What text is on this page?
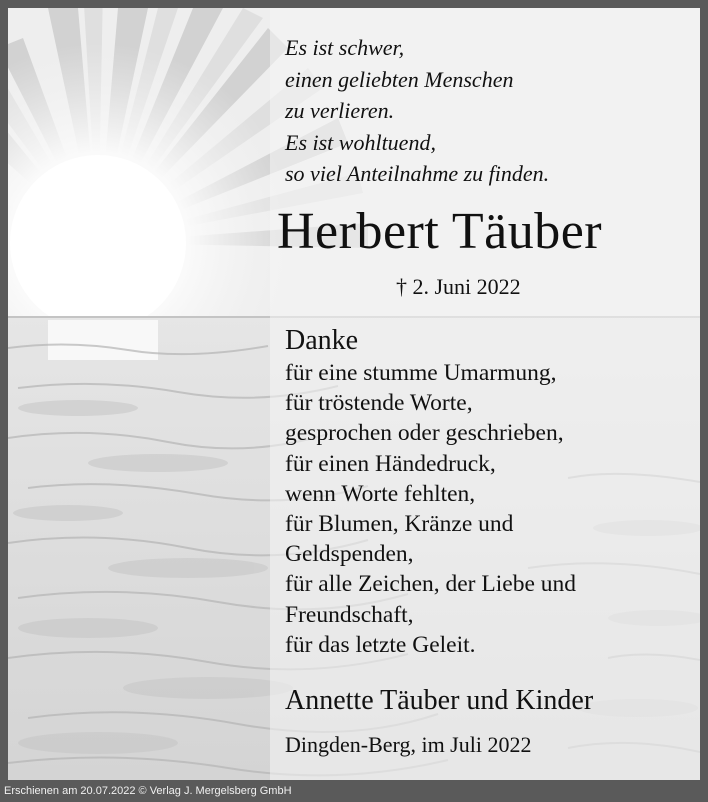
Es ist schwer,
einen geliebten Menschen
zu verlieren.
Es ist wohltuend,
so viel Anteilnahme zu finden.
Herbert Täuber
† 2. Juni 2022
Danke
für eine stumme Umarmung,
für tröstende Worte,
gesprochen oder geschrieben,
für einen Händedruck,
wenn Worte fehlten,
für Blumen, Kränze und
Geldspenden,
für alle Zeichen, der Liebe und
Freundschaft,
für das letzte Geleit.
Annette Täuber und Kinder
Dingden-Berg, im Juli 2022
Erschienen am 20.07.2022 © Verlag J. Mergelsberg GmbH
